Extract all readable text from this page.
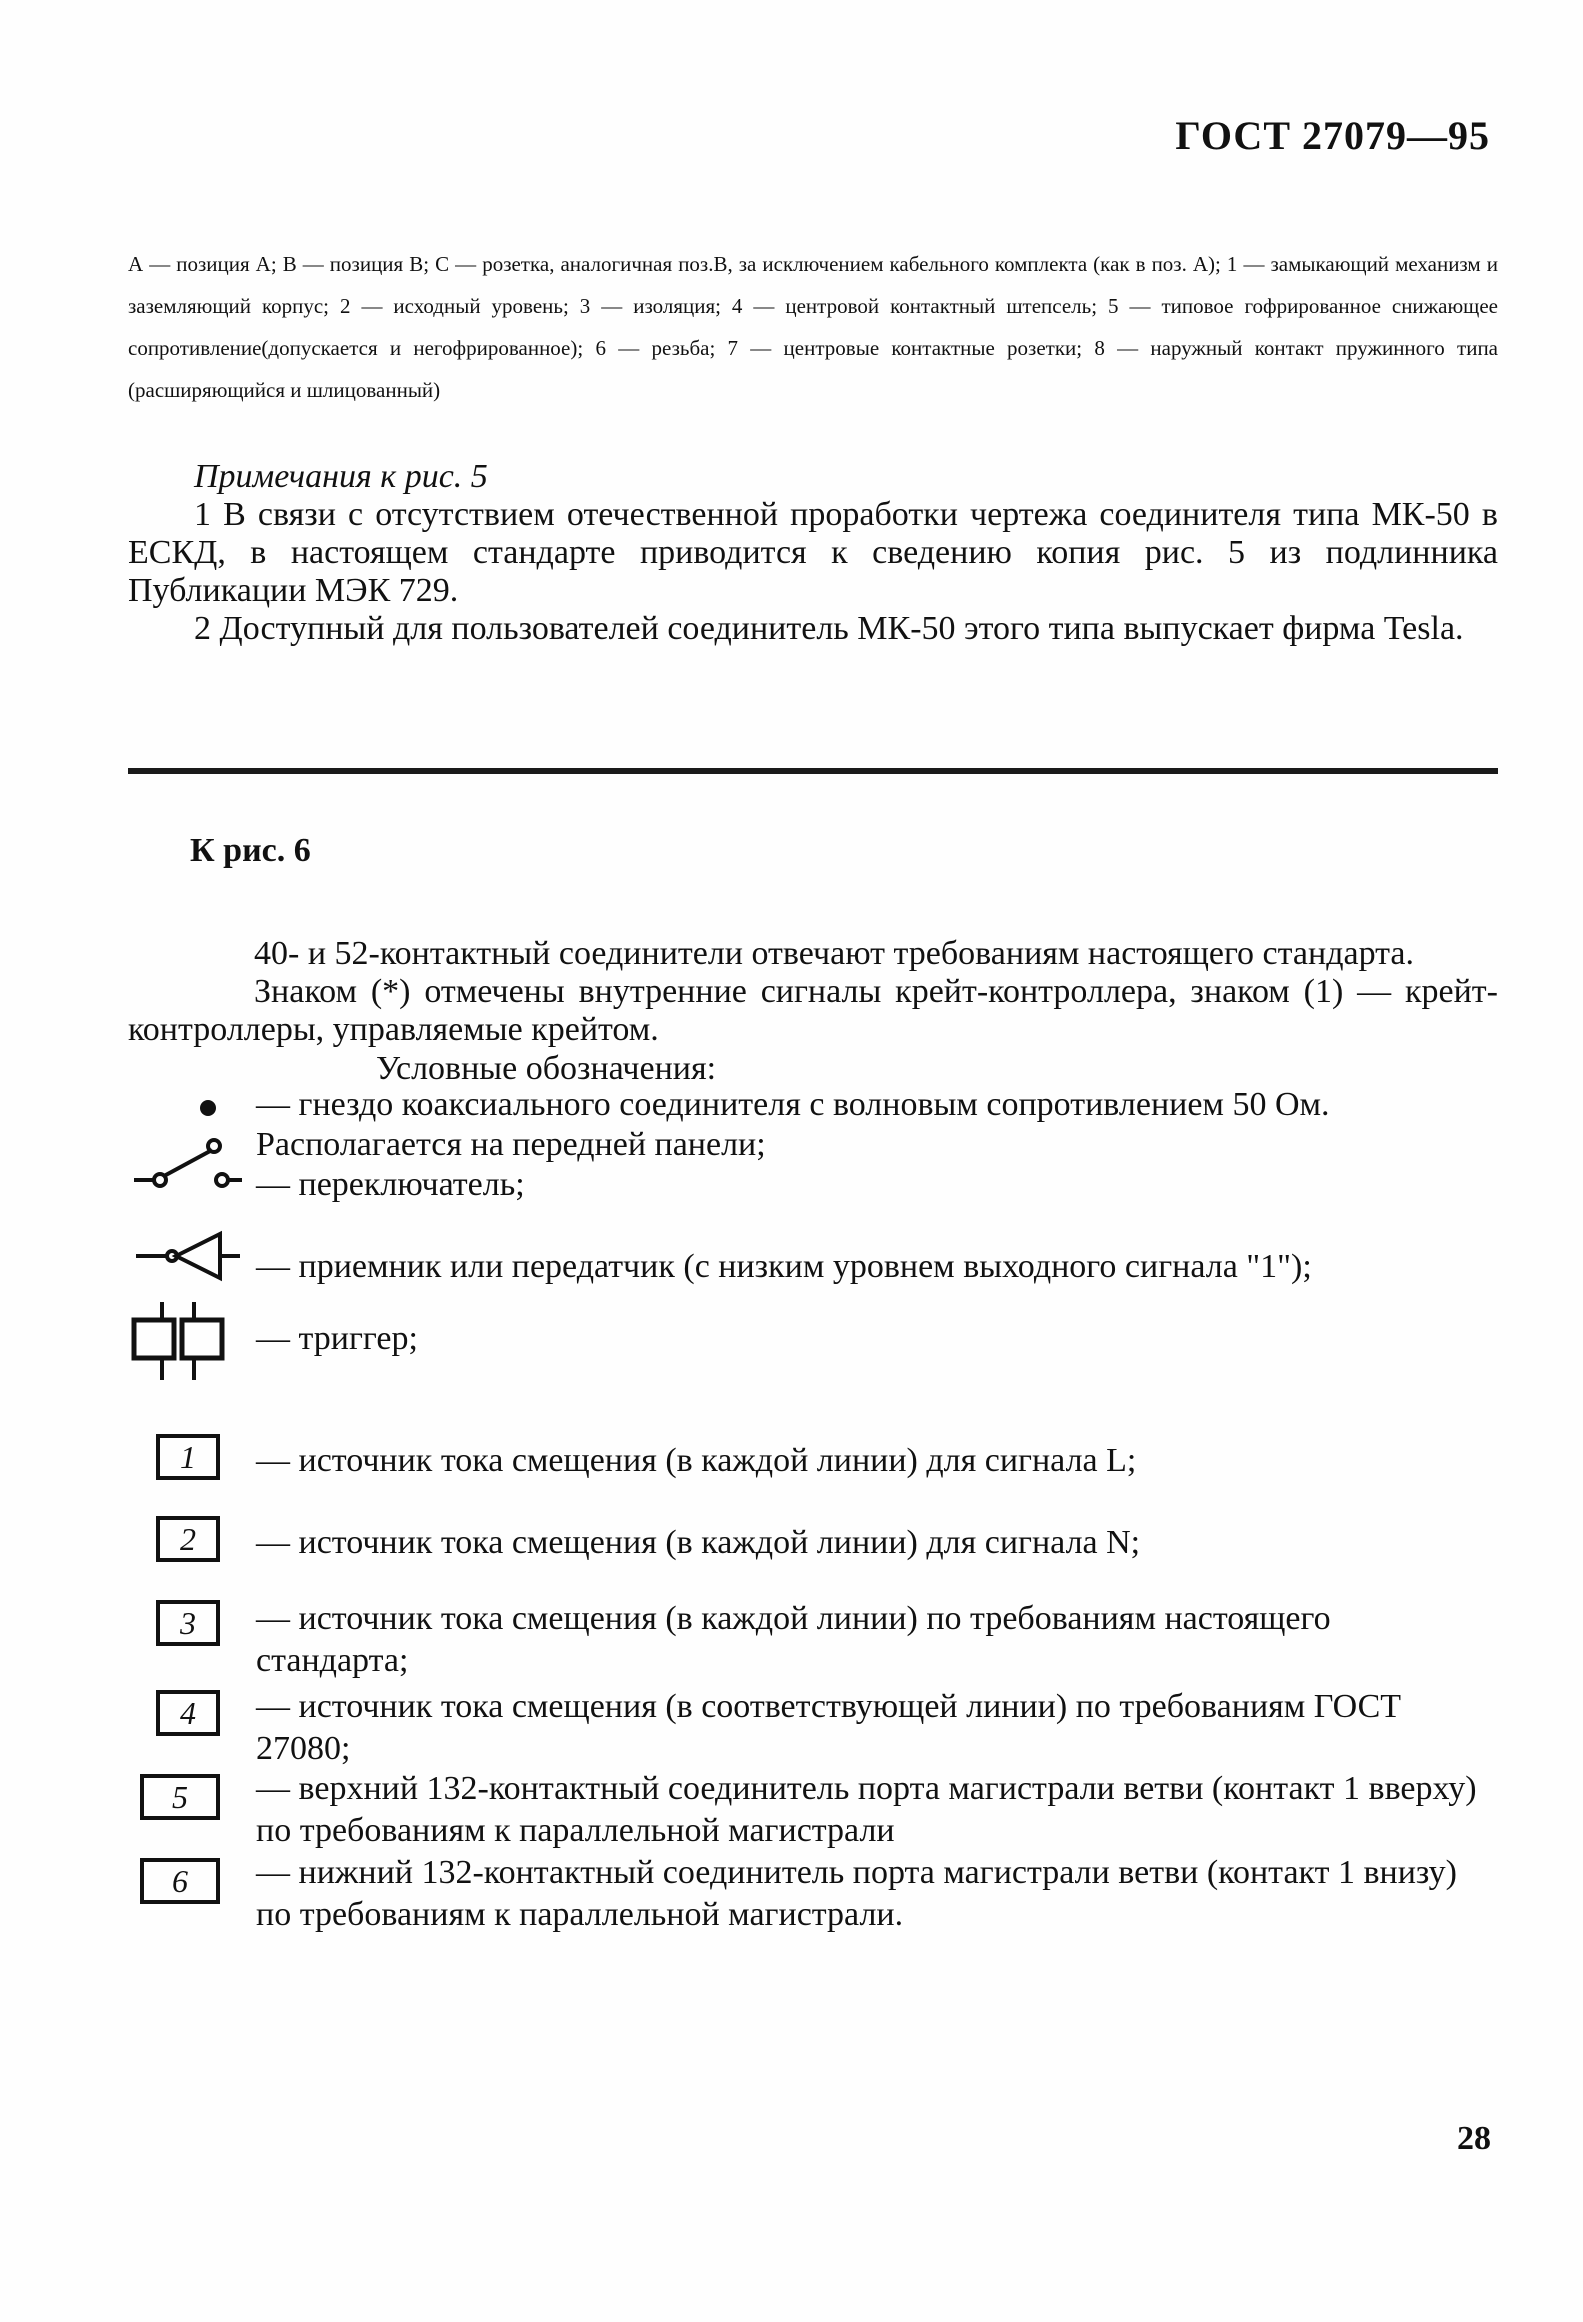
ГОСТ 27079—95
А — позиция А; В — позиция В; С — розетка, аналогичная поз.В, за исключением кабельного комплекта (как в поз. А); 1 — замыкающий механизм и заземляющий корпус; 2 — исходный уровень; 3 — изоляция; 4 — центровой контактный штепсель; 5 — типовое гофрированное снижающее сопротивление(допускается и негофрированное); 6 — резьба; 7 — центровые контактные розетки; 8 — наружный контакт пружинного типа (расширяющийся и шлицованный)
Примечания к рис. 5

1 В связи с отсутствием отечественной проработки чертежа соединителя типа МК-50 в ЕСКД, в настоящем стандарте приводится к сведению копия рис. 5 из подлинника Публикации МЭК 729.

2 Доступный для пользователей соединитель МК-50 этого типа выпускает фирма Tesla.

К рис. 6

40- и 52-контактный соединители отвечают требованиям настоящего стандарта.

Знаком (*) отмечены внутренние сигналы крейт-контроллера, знаком (1) — крейт-контроллеры, управляемые крейтом.

Условные обозначения:
— гнездо коаксиального соединителя с волновым сопротивлением 50 Ом.
Располагается на передней панели;
— переключатель;
— приемник или передатчик (с низким уровнем выходного сигнала "1");
— триггер;
1	— источник тока смещения (в каждой линии) для сигнала L;
2	— источник тока смещения (в каждой линии) для сигнала N;
3	— источник тока смещения (в каждой линии) по требованиям настоящего стандарта;
4	— источник тока смещения (в соответствующей линии) по требованиям ГОСТ 27080;
5	— верхний 132-контактный соединитель порта магистрали ветви (контакт 1 вверху) по требованиям к параллельной магистрали
6	— нижний 132-контактный соединитель порта магистрали ветви (контакт 1 внизу) по требованиям к параллельной магистрали.
28
